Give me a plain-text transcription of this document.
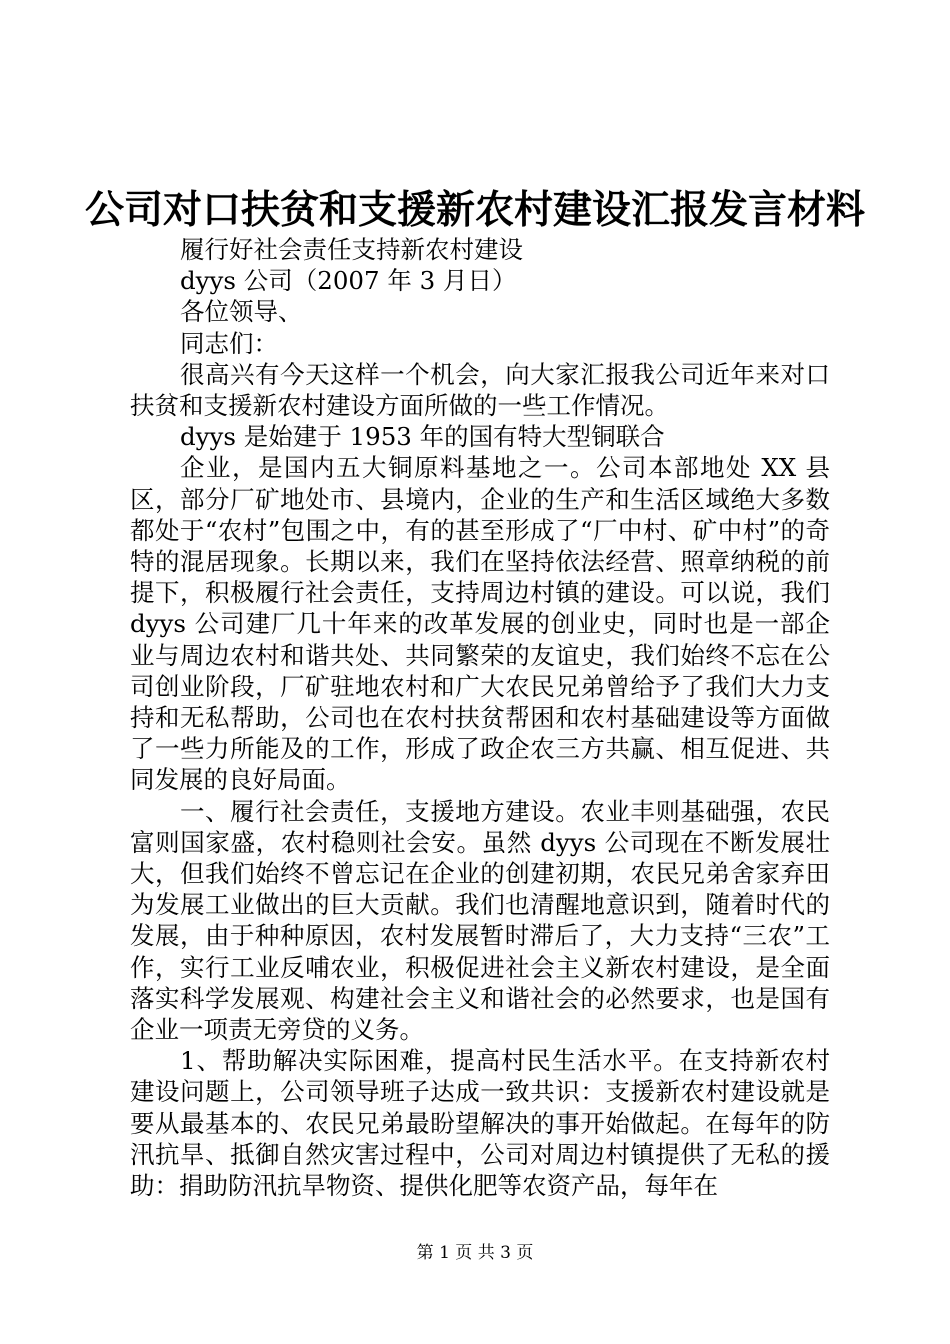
公司对口扶贫和支援新农村建设汇报发言材料

履行好社会责任支持新农村建设

dyys 公司（2007 年 3 月日）

各位领导、

同志们：

很高兴有今天这样一个机会，向大家汇报我公司近年来对口扶贫和支援新农村建设方面所做的一些工作情况。

dyys 是始建于 1953 年的国有特大型铜联合

企业，是国内五大铜原料基地之一。公司本部地处 XX 县区，部分厂矿地处市、县境内，企业的生产和生活区域绝大多数都处于“农村”包围之中，有的甚至形成了“厂中村、矿中村”的奇特的混居现象。长期以来，我们在坚持依法经营、照章纳税的前提下，积极履行社会责任，支持周边村镇的建设。可以说，我们 dyys 公司建厂几十年来的改革发展的创业史，同时也是一部企业与周边农村和谐共处、共同繁荣的友谊史，我们始终不忘在公司创业阶段，厂矿驻地农村和广大农民兄弟曾给予了我们大力支持和无私帮助，公司也在农村扶贫帮困和农村基础建设等方面做了一些力所能及的工作，形成了政企农三方共赢、相互促进、共同发展的良好局面。

一、履行社会责任，支援地方建设。农业丰则基础强，农民富则国家盛，农村稳则社会安。虽然 dyys 公司现在不断发展壮大，但我们始终不曾忘记在企业的创建初期，农民兄弟舍家弃田为发展工业做出的巨大贡献。我们也清醒地意识到，随着时代的发展，由于种种原因，农村发展暂时滞后了，大力支持“三农”工作，实行工业反哺农业，积极促进社会主义新农村建设，是全面落实科学发展观、构建社会主义和谐社会的必然要求，也是国有企业一项责无旁贷的义务。

1、帮助解决实际困难，提高村民生活水平。在支持新农村建设问题上，公司领导班子达成一致共识：支援新农村建设就是要从最基本的、农民兄弟最盼望解决的事开始做起。在每年的防汛抗旱、抵御自然灾害过程中，公司对周边村镇提供了无私的援助：捐助防汛抗旱物资、提供化肥等农资产品，每年在

第 1 页 共 3 页
